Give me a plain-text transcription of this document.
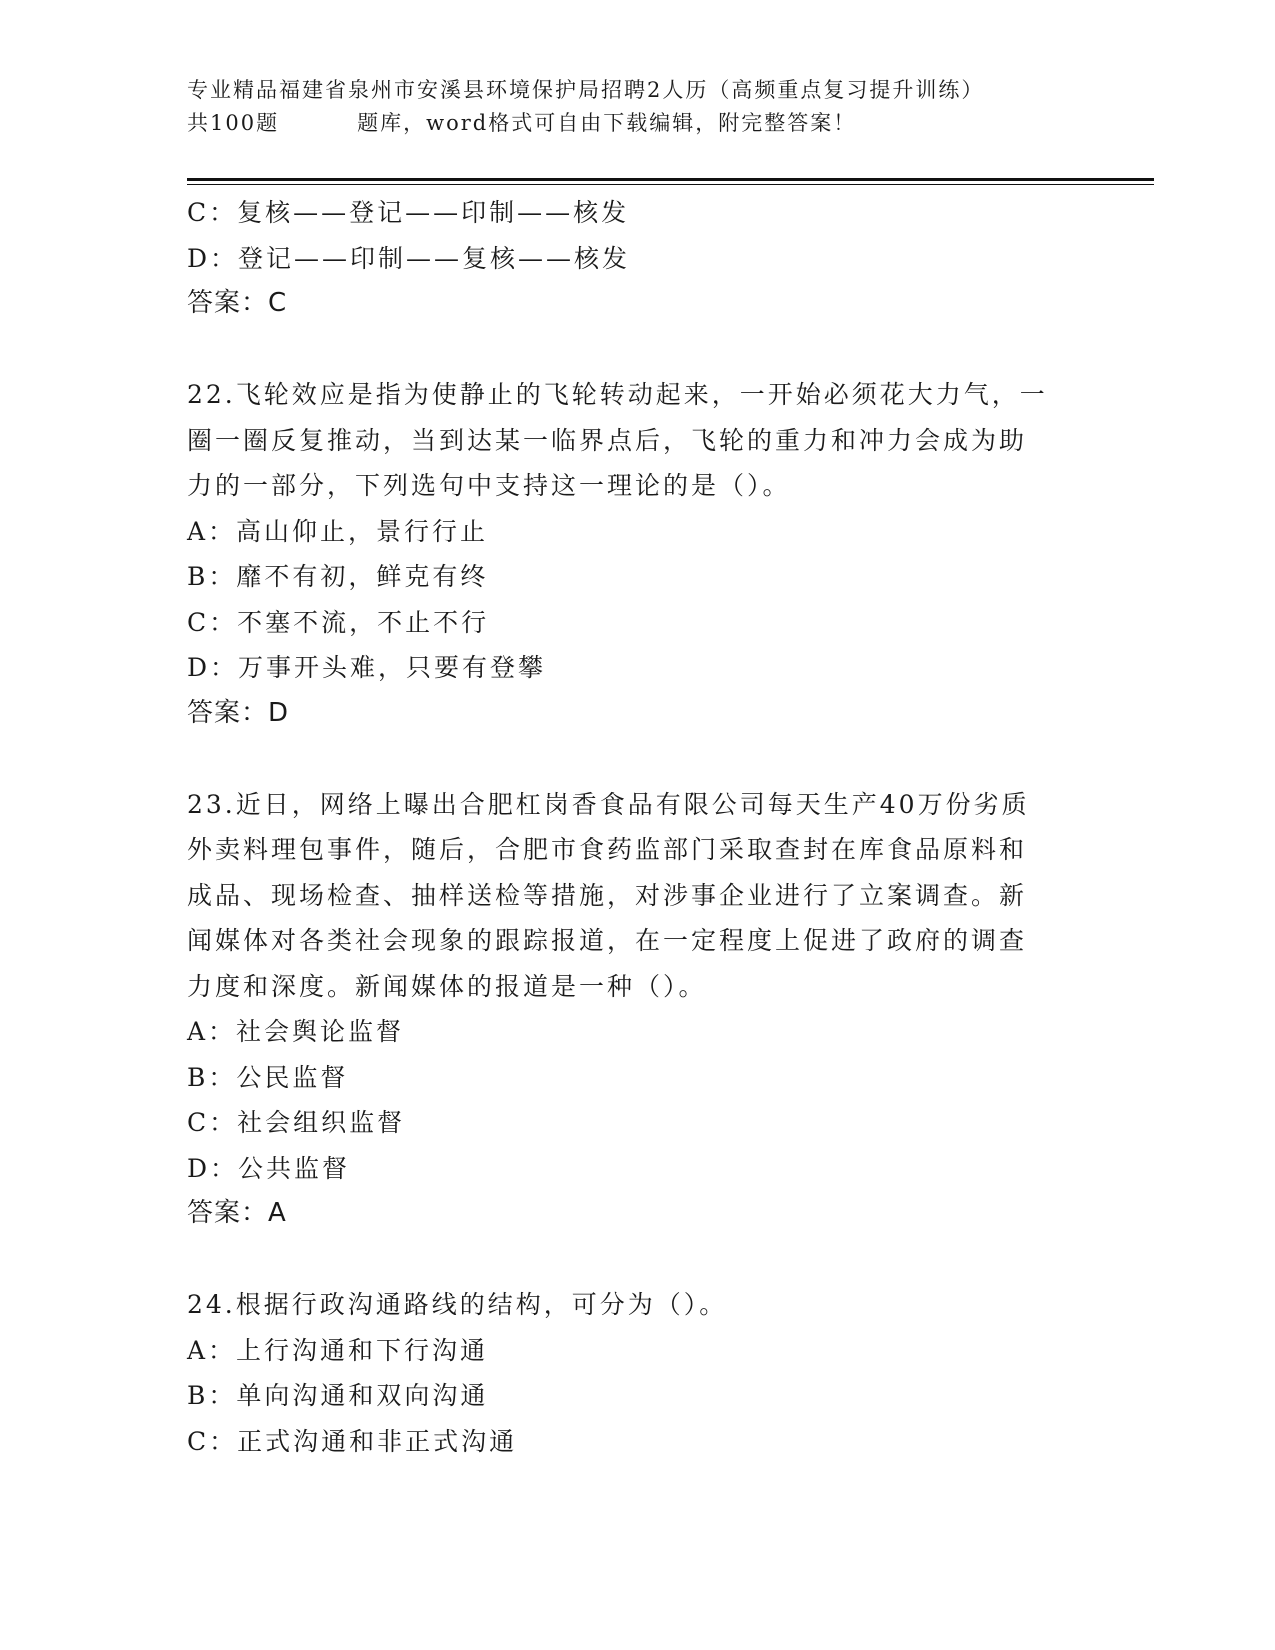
专业精品福建省泉州市安溪县环境保护局招聘2人历（高频重点复习提升训练）
共100题	题库，word格式可自由下载编辑，附完整答案！
C：复核——登记——印制——核发
D：登记——印制——复核——核发
答案：C
22.飞轮效应是指为使静止的飞轮转动起来，一开始必须花大力气，一
圈一圈反复推动，当到达某一临界点后，飞轮的重力和冲力会成为助
力的一部分，下列选句中支持这一理论的是（）。
A：高山仰止，景行行止
B：靡不有初，鲜克有终
C：不塞不流，不止不行
D：万事开头难，只要有登攀
答案：D
23.近日，网络上曝出合肥杠岗香食品有限公司每天生产40万份劣质
外卖料理包事件，随后，合肥市食药监部门采取查封在库食品原料和
成品、现场检查、抽样送检等措施，对涉事企业进行了立案调查。新
闻媒体对各类社会现象的跟踪报道，在一定程度上促进了政府的调查
力度和深度。新闻媒体的报道是一种（）。
A：社会舆论监督
B：公民监督
C：社会组织监督
D：公共监督
答案：A
24.根据行政沟通路线的结构，可分为（）。
A：上行沟通和下行沟通
B：单向沟通和双向沟通
C：正式沟通和非正式沟通
